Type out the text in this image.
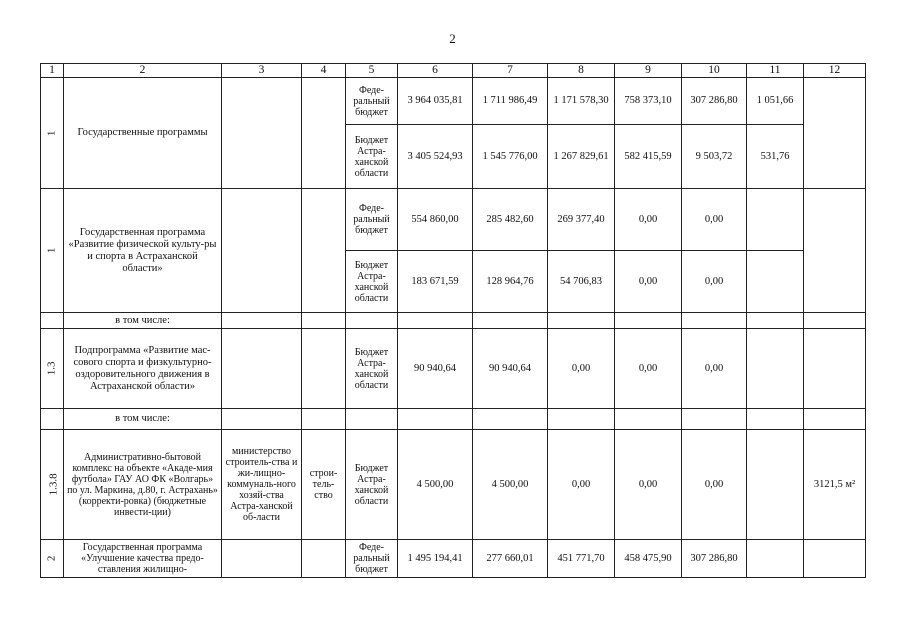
2
1	2	3	4	5	6	7	8	9	10	11	12
1	Государственные программы			Феде-ральный бюджет	3 964 035,81	1 711 986,49	1 171 578,30	758 373,10	307 286,80	1 051,66	
				Бюджет Астра-ханской области	3 405 524,93	1 545 776,00	1 267 829,61	582 415,59	9 503,72	531,76	
1	Государственная программа «Развитие физической культу-ры и спорта в Астраханской области»			Феде-ральный бюджет	554 860,00	285 482,60	269 377,40	0,00	0,00		
				Бюджет Астра-ханской области	183 671,59	128 964,76	54 706,83	0,00	0,00		
	в том числе:										
1.3	Подпрограмма «Развитие мас-сового спорта и физкультурно-оздоровительного движения в Астраханской области»			Бюджет Астра-ханской области	90 940,64	90 940,64	0,00	0,00	0,00		
	в том числе:										
1.3.8	Административно-бытовой комплекс на объекте «Акаде-мия футбола» ГАУ АО ФК «Волгарь» по ул. Маркина, д.80, г. Астрахань» (корректи-ровка) (бюджетные инвести-ции)	министерство строитель-ства и жи-лищно-коммуналь-ного хозяй-ства Астра-ханской об-ласти	строи-тель-ство	Бюджет Астра-ханской области	4 500,00	4 500,00	0,00	0,00	0,00		3121,5 м²
2	Государственная программа «Улучшение качества предо-ставления жилищно-			Феде-ральный бюджет	1 495 194,41	277 660,01	451 771,70	458 475,90	307 286,80		
